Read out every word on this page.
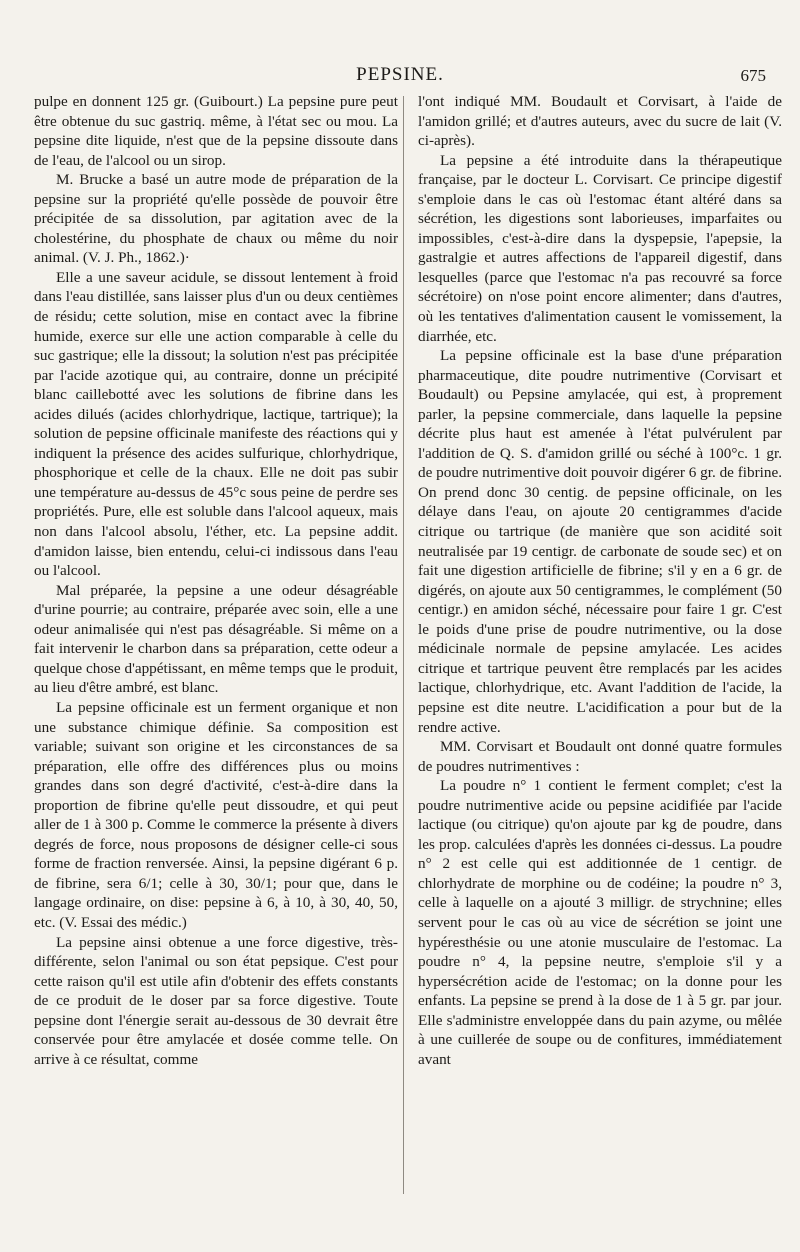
PEPSINE.	675

pulpe en donnent 125 gr. (Guibourt.) La pepsine pure peut être obtenue du suc gastriq. même, à l'état sec ou mou. La pepsine dite liquide, n'est que de la pepsine dissoute dans de l'eau, de l'alcool ou un sirop.

M. Brucke a basé un autre mode de préparation de la pepsine sur la propriété qu'elle possède de pouvoir être précipitée de sa dissolution, par agitation avec de la cholestérine, du phosphate de chaux ou même du noir animal. (V. J. Ph., 1862.)·

Elle a une saveur acidule, se dissout lentement à froid dans l'eau distillée, sans laisser plus d'un ou deux centièmes de résidu; cette solution, mise en contact avec la fibrine humide, exerce sur elle une action comparable à celle du suc gastrique; elle la dissout; la solution n'est pas précipitée par l'acide azotique qui, au contraire, donne un précipité blanc caillebotté avec les solutions de fibrine dans les acides dilués (acides chlorhydrique, lactique, tartrique); la solution de pepsine officinale manifeste des réactions qui y indiquent la présence des acides sulfurique, chlorhydrique, phosphorique et celle de la chaux. Elle ne doit pas subir une température au-dessus de 45°c sous peine de perdre ses propriétés. Pure, elle est soluble dans l'alcool aqueux, mais non dans l'alcool absolu, l'éther, etc. La pepsine addit. d'amidon laisse, bien entendu, celui-ci indissous dans l'eau ou l'alcool.

Mal préparée, la pepsine a une odeur désagréable d'urine pourrie; au contraire, préparée avec soin, elle a une odeur animalisée qui n'est pas désagréable. Si même on a fait intervenir le charbon dans sa préparation, cette odeur a quelque chose d'appétissant, en même temps que le produit, au lieu d'être ambré, est blanc.

La pepsine officinale est un ferment organique et non une substance chimique définie. Sa composition est variable; suivant son origine et les circonstances de sa préparation, elle offre des différences plus ou moins grandes dans son degré d'activité, c'est-à-dire dans la proportion de fibrine qu'elle peut dissoudre, et qui peut aller de 1 à 300 p. Comme le commerce la présente à divers degrés de force, nous proposons de désigner celle-ci sous forme de fraction renversée. Ainsi, la pepsine digérant 6 p. de fibrine, sera 6/1; celle à 30, 30/1; pour que, dans le langage ordinaire, on dise: pepsine à 6, à 10, à 30, 40, 50, etc. (V. Essai des médic.)

La pepsine ainsi obtenue a une force digestive, très-différente, selon l'animal ou son état pepsique. C'est pour cette raison qu'il est utile afin d'obtenir des effets constants de ce produit de le doser par sa force digestive. Toute pepsine dont l'énergie serait au-dessous de 30 devrait être conservée pour être amylacée et dosée comme telle. On arrive à ce résultat, comme

l'ont indiqué MM. Boudault et Corvisart, à l'aide de l'amidon grillé; et d'autres auteurs, avec du sucre de lait (V. ci-après).

La pepsine a été introduite dans la thérapeutique française, par le docteur L. Corvisart. Ce principe digestif s'emploie dans le cas où l'estomac étant altéré dans sa sécrétion, les digestions sont laborieuses, imparfaites ou impossibles, c'est-à-dire dans la dyspepsie, l'apepsie, la gastralgie et autres affections de l'appareil digestif, dans lesquelles (parce que l'estomac n'a pas recouvré sa force sécrétoire) on n'ose point encore alimenter; dans d'autres, où les tentatives d'alimentation causent le vomissement, la diarrhée, etc.

La pepsine officinale est la base d'une préparation pharmaceutique, dite poudre nutrimentive (Corvisart et Boudault) ou Pepsine amylacée, qui est, à proprement parler, la pepsine commerciale, dans laquelle la pepsine décrite plus haut est amenée à l'état pulvérulent par l'addition de Q. S. d'amidon grillé ou séché à 100°c. 1 gr. de poudre nutrimentive doit pouvoir digérer 6 gr. de fibrine. On prend donc 30 centig. de pepsine officinale, on les délaye dans l'eau, on ajoute 20 centigrammes d'acide citrique ou tartrique (de manière que son acidité soit neutralisée par 19 centigr. de carbonate de soude sec) et on fait une digestion artificielle de fibrine; s'il y en a 6 gr. de digérés, on ajoute aux 50 centigrammes, le complément (50 centigr.) en amidon séché, nécessaire pour faire 1 gr. C'est le poids d'une prise de poudre nutrimentive, ou la dose médicinale normale de pepsine amylacée. Les acides citrique et tartrique peuvent être remplacés par les acides lactique, chlorhydrique, etc. Avant l'addition de l'acide, la pepsine est dite neutre. L'acidification a pour but de la rendre active.

MM. Corvisart et Boudault ont donné quatre formules de poudres nutrimentives :

La poudre n° 1 contient le ferment complet; c'est la poudre nutrimentive acide ou pepsine acidifiée par l'acide lactique (ou citrique) qu'on ajoute par kg de poudre, dans les prop. calculées d'après les données ci-dessus. La poudre n° 2 est celle qui est additionnée de 1 centigr. de chlorhydrate de morphine ou de codéine; la poudre n° 3, celle à laquelle on a ajouté 3 milligr. de strychnine; elles servent pour le cas où au vice de sécrétion se joint une hypéresthésie ou une atonie musculaire de l'estomac. La poudre n° 4, la pepsine neutre, s'emploie s'il y a hypersécrétion acide de l'estomac; on la donne pour les enfants. La pepsine se prend à la dose de 1 à 5 gr. par jour. Elle s'administre enveloppée dans du pain azyme, ou mêlée à une cuillerée de soupe ou de confitures, immédiatement avant
